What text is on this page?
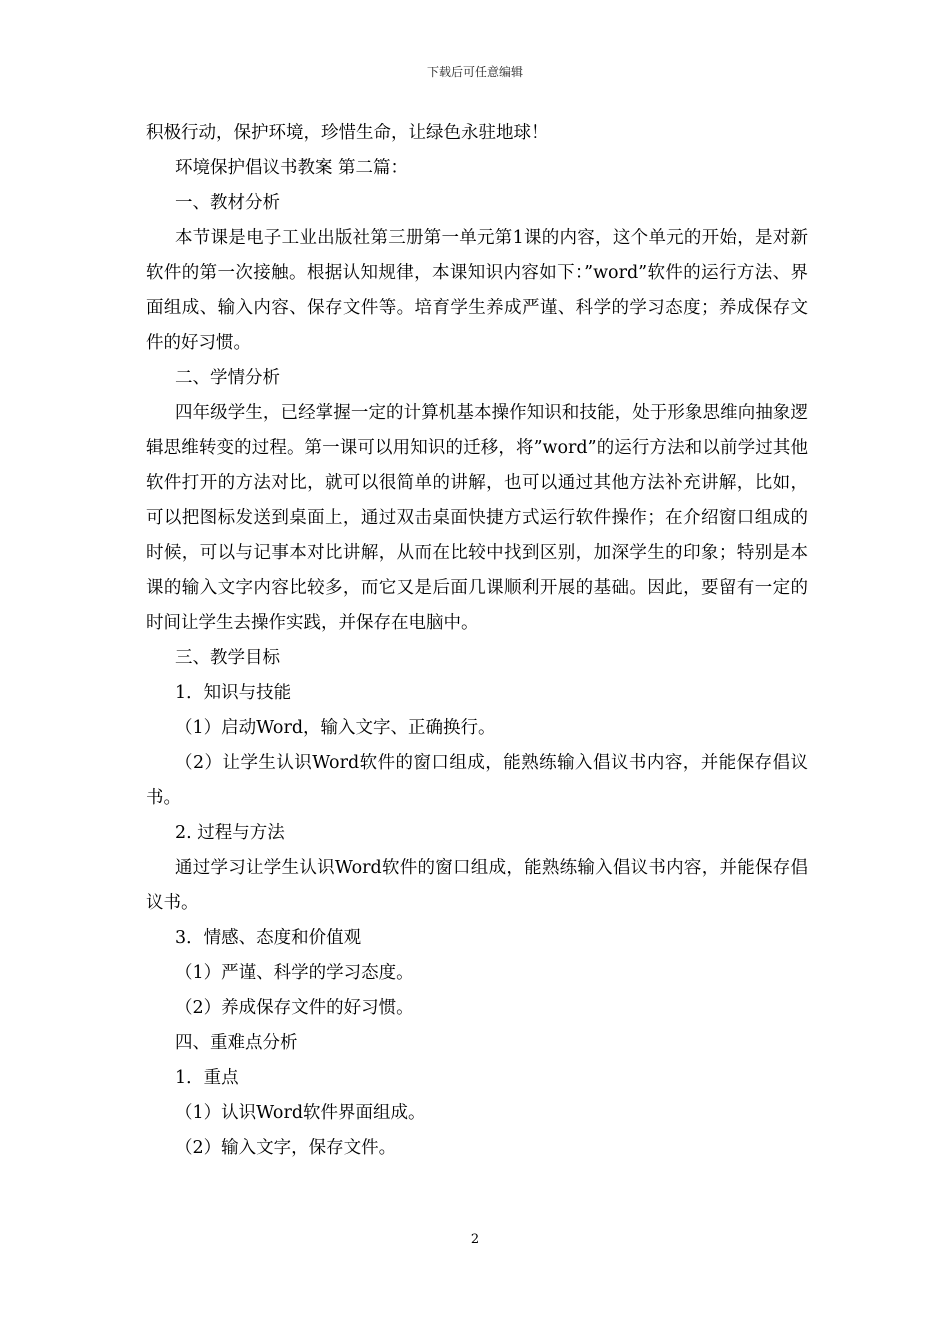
下载后可任意编辑

积极行动，保护环境，珍惜生命，让绿色永驻地球！

环境保护倡议书教案 第二篇：

一、教材分析

本节课是电子工业出版社第三册第一单元第1课的内容，这个单元的开始，是对新软件的第一次接触。根据认知规律，本课知识内容如下：”word”软件的运行方法、界面组成、输入内容、保存文件等。培育学生养成严谨、科学的学习态度；养成保存文件的好习惯。

二、学情分析

四年级学生，已经掌握一定的计算机基本操作知识和技能，处于形象思维向抽象逻辑思维转变的过程。第一课可以用知识的迁移，将”word”的运行方法和以前学过其他软件打开的方法对比，就可以很简单的讲解，也可以通过其他方法补充讲解，比如，可以把图标发送到桌面上，通过双击桌面快捷方式运行软件操作；在介绍窗口组成的时候，可以与记事本对比讲解，从而在比较中找到区别，加深学生的印象；特别是本课的输入文字内容比较多，而它又是后面几课顺利开展的基础。因此，要留有一定的时间让学生去操作实践，并保存在电脑中。

三、教学目标

1．知识与技能

（1）启动Word，输入文字、正确换行。

（2）让学生认识Word软件的窗口组成，能熟练输入倡议书内容，并能保存倡议书。

2. 过程与方法

通过学习让学生认识Word软件的窗口组成，能熟练输入倡议书内容，并能保存倡议书。

3．情感、态度和价值观

（1）严谨、科学的学习态度。

（2）养成保存文件的好习惯。

四、重难点分析

1．重点

（1）认识Word软件界面组成。

（2）输入文字，保存文件。

2
